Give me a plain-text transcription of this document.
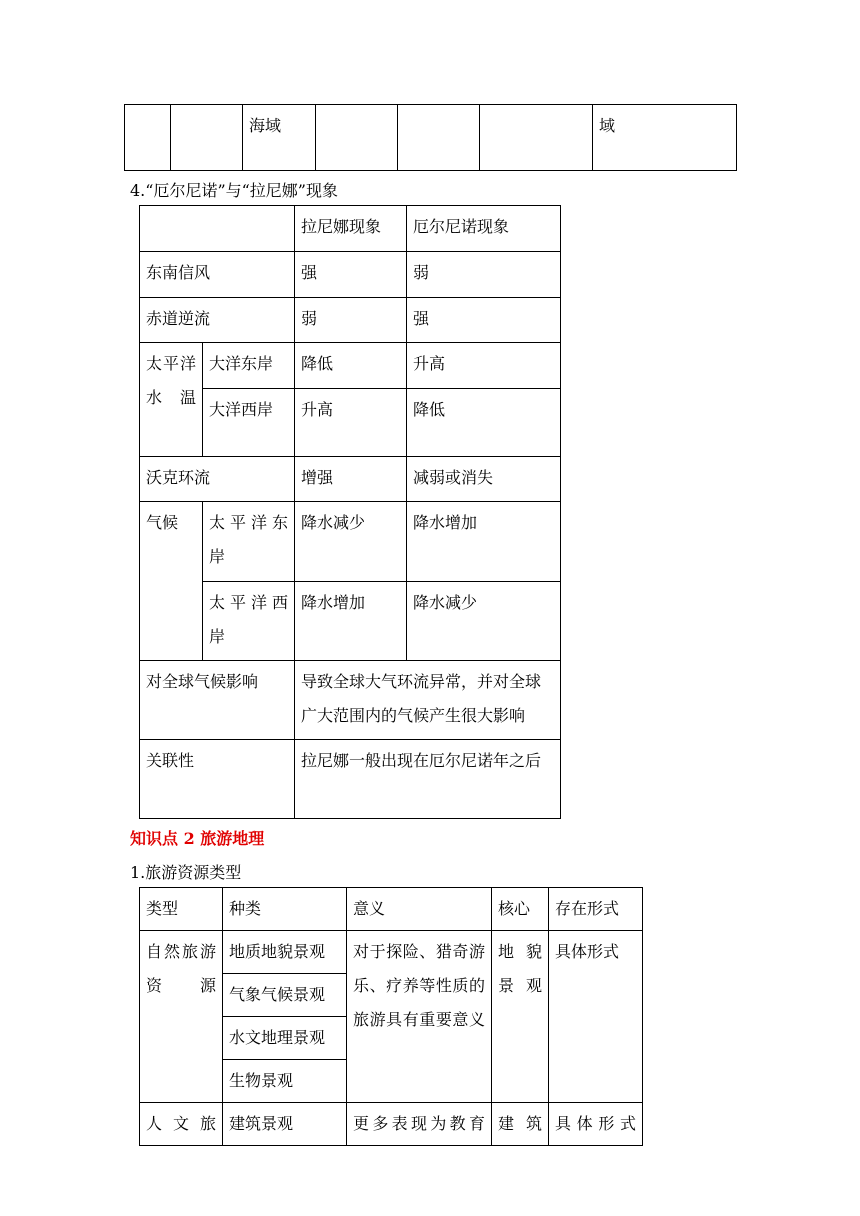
		海域				域
4.“厄尔尼诺”与“拉尼娜”现象
		拉尼娜现象	厄尔尼诺现象
东南信风		强	弱
赤道逆流		弱	强
太平洋水温	大洋东岸	降低	升高
	大洋西岸	升高	降低
沃克环流		增强	减弱或消失
气候	太平洋东岸	降水减少	降水增加
	太平洋西岸	降水增加	降水减少
对全球气候影响		导致全球大气环流异常，并对全球广大范围内的气候产生很大影响	
关联性		拉尼娜一般出现在厄尔尼诺年之后	
知识点 2 旅游地理
1.旅游资源类型
类型	种类	意义	核心	存在形式
自然旅游资源	地质地貌景观	对于探险、猎奇游乐、疗养等性质的旅游具有重要意义	地貌景观	具体形式
	气象气候景观			
	水文地理景观			
	生物景观			
人文旅	建筑景观	更多表现为教育	建筑	具体形式
